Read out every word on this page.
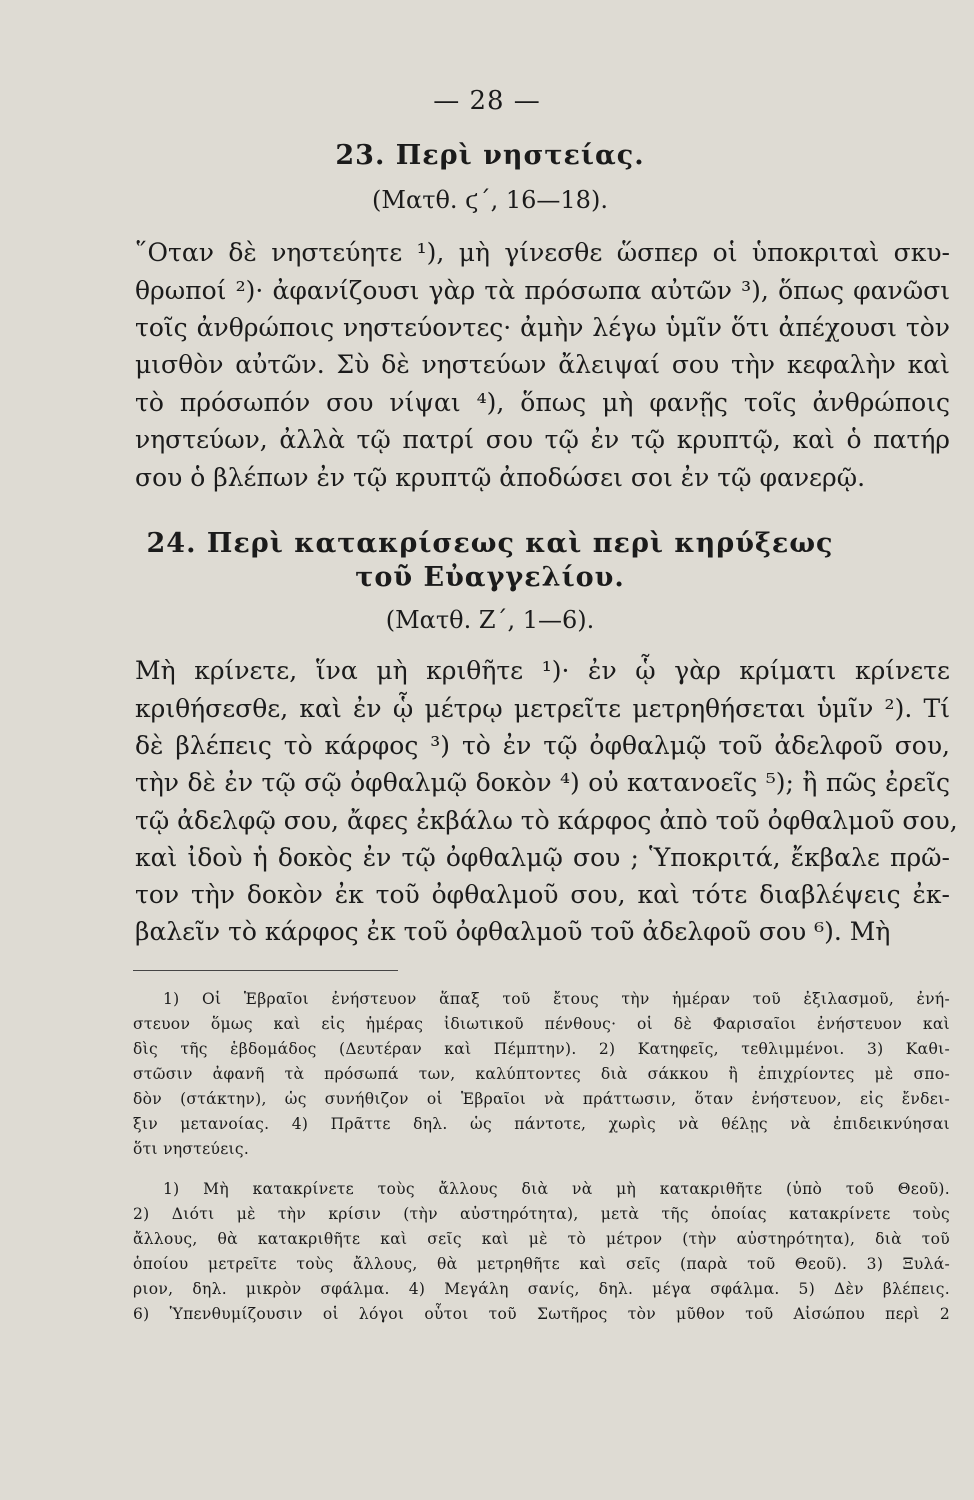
— 28 —
23. Περὶ νηστείας.
(Ματθ. ϛ΄, 16—18).
῞Οταν δὲ νηστεύητε ¹), μὴ γίνεσθε ὥσπερ οἱ ὑποκριταὶ σκυ-
θρωποί ²)· ἀφανίζουσι γὰρ τὰ πρόσωπα αὐτῶν ³), ὅπως φανῶσι
τοῖς ἀνθρώποις νηστεύοντες· ἀμὴν λέγω ὑμῖν ὅτι ἀπέχουσι τὸν
μισθὸν αὐτῶν. Σὺ δὲ νηστεύων ἄλειψαί σου τὴν κεφαλὴν καὶ
τὸ πρόσωπόν σου νίψαι ⁴), ὅπως μὴ φανῇς τοῖς ἀνθρώποις
νηστεύων, ἀλλὰ τῷ πατρί σου τῷ ἐν τῷ κρυπτῷ, καὶ ὁ πατήρ
σου ὁ βλέπων ἐν τῷ κρυπτῷ ἀποδώσει σοι ἐν τῷ φανερῷ.
24. Περὶ κατακρίσεως καὶ περὶ κηρύξεως
τοῦ Εὐαγγελίου.
(Ματθ. Ζ΄, 1—6).
Μὴ κρίνετε, ἵνα μὴ κριθῆτε ¹)· ἐν ᾧ γὰρ κρίματι κρίνετε
κριθήσεσθε, καὶ ἐν ᾧ μέτρῳ μετρεῖτε μετρηθήσεται ὑμῖν ²). Τί
δὲ βλέπεις τὸ κάρφος ³) τὸ ἐν τῷ ὀφθαλμῷ τοῦ ἀδελφοῦ σου,
τὴν δὲ ἐν τῷ σῷ ὀφθαλμῷ δοκὸν ⁴) οὐ κατανοεῖς ⁵); ἢ πῶς ἐρεῖς
τῷ ἀδελφῷ σου, ἄφες ἐκβάλω τὸ κάρφος ἀπὸ τοῦ ὀφθαλμοῦ σου,
καὶ ἰδοὺ ἡ δοκὸς ἐν τῷ ὀφθαλμῷ σου ; Ὑποκριτά, ἔκβαλε πρῶ-
τον τὴν δοκὸν ἐκ τοῦ ὀφθαλμοῦ σου, καὶ τότε διαβλέψεις ἐκ-
βαλεῖν τὸ κάρφος ἐκ τοῦ ὀφθαλμοῦ τοῦ ἀδελφοῦ σου ⁶). Μὴ
1) Οἱ Ἑβραῖοι ἐνήστευον ἅπαξ τοῦ ἔτους τὴν ἡμέραν τοῦ ἐξιλασμοῦ, ἐνή-
στευον ὅμως καὶ εἰς ἡμέρας ἰδιωτικοῦ πένθους· οἱ δὲ Φαρισαῖοι ἐνήστευον καὶ
δὶς τῆς ἑβδομάδος (Δευτέραν καὶ Πέμπτην). 2) Κατηφεῖς, τεθλιμμένοι. 3) Καθι-
στῶσιν ἀφανῆ τὰ πρόσωπά των, καλύπτοντες διὰ σάκκου ἢ ἐπιχρίοντες μὲ σπο-
δὸν (στάκτην), ὡς συνήθιζον οἱ Ἑβραῖοι νὰ πράττωσιν, ὅταν ἐνήστευον, εἰς ἔνδει-
ξιν μετανοίας. 4) Πρᾶττε δηλ. ὡς πάντοτε, χωρὶς νὰ θέλῃς νὰ ἐπιδεικνύησαι
ὅτι νηστεύεις.
1) Μὴ κατακρίνετε τοὺς ἄλλους διὰ νὰ μὴ κατακριθῆτε (ὑπὸ τοῦ Θεοῦ).
2) Διότι μὲ τὴν κρίσιν (τὴν αὐστηρότητα), μετὰ τῆς ὁποίας κατακρίνετε τοὺς
ἄλλους, θὰ κατακριθῆτε καὶ σεῖς καὶ μὲ τὸ μέτρον (τὴν αὐστηρότητα), διὰ τοῦ
ὁποίου μετρεῖτε τοὺς ἄλλους, θὰ μετρηθῆτε καὶ σεῖς (παρὰ τοῦ Θεοῦ). 3) Ξυλά-
ριον, δηλ. μικρὸν σφάλμα. 4) Μεγάλη σανίς, δηλ. μέγα σφάλμα. 5) Δὲν βλέπεις.
6) Ὑπενθυμίζουσιν οἱ λόγοι οὗτοι τοῦ Σωτῆρος τὸν μῦθον τοῦ Αἰσώπου περὶ 2
